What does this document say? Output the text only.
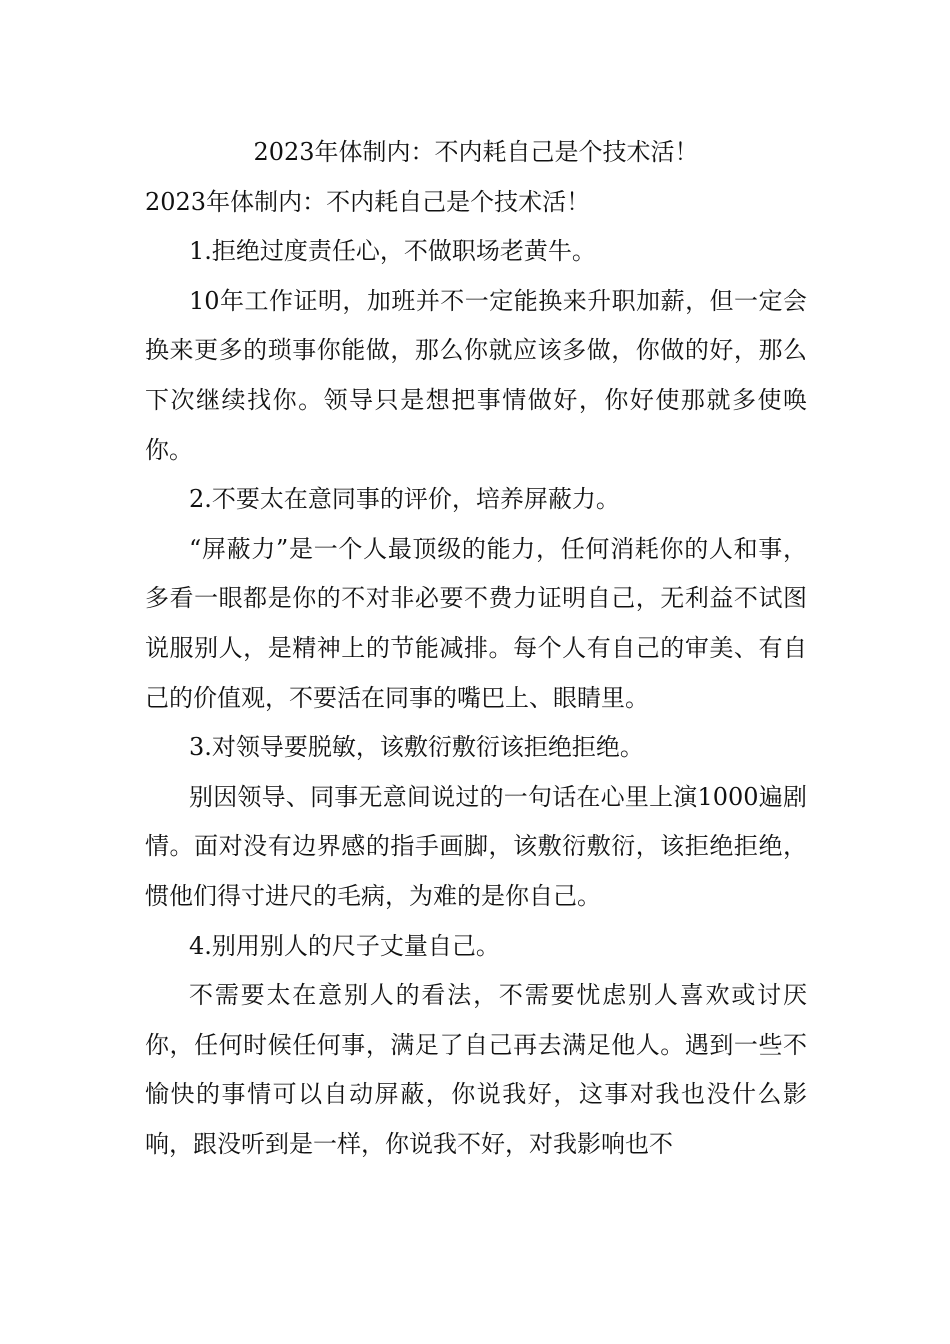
2023年体制内：不内耗自己是个技术活！

2023年体制内：不内耗自己是个技术活！

1.拒绝过度责任心，不做职场老黄牛。

10年工作证明，加班并不一定能换来升职加薪，但一定会换来更多的琐事你能做，那么你就应该多做，你做的好，那么下次继续找你。领导只是想把事情做好，你好使那就多使唤你。

2.不要太在意同事的评价，培养屏蔽力。

“屏蔽力”是一个人最顶级的能力，任何消耗你的人和事，多看一眼都是你的不对非必要不费力证明自己，无利益不试图说服别人，是精神上的节能减排。每个人有自己的审美、有自己的价值观，不要活在同事的嘴巴上、眼睛里。

3.对领导要脱敏，该敷衍敷衍该拒绝拒绝。

别因领导、同事无意间说过的一句话在心里上演1000遍剧情。面对没有边界感的指手画脚，该敷衍敷衍，该拒绝拒绝，惯他们得寸进尺的毛病，为难的是你自己。

4.别用别人的尺子丈量自己。

不需要太在意别人的看法，不需要忧虑别人喜欢或讨厌你，任何时候任何事，满足了自己再去满足他人。遇到一些不愉快的事情可以自动屏蔽，你说我好，这事对我也没什么影响，跟没听到是一样，你说我不好，对我影响也不
